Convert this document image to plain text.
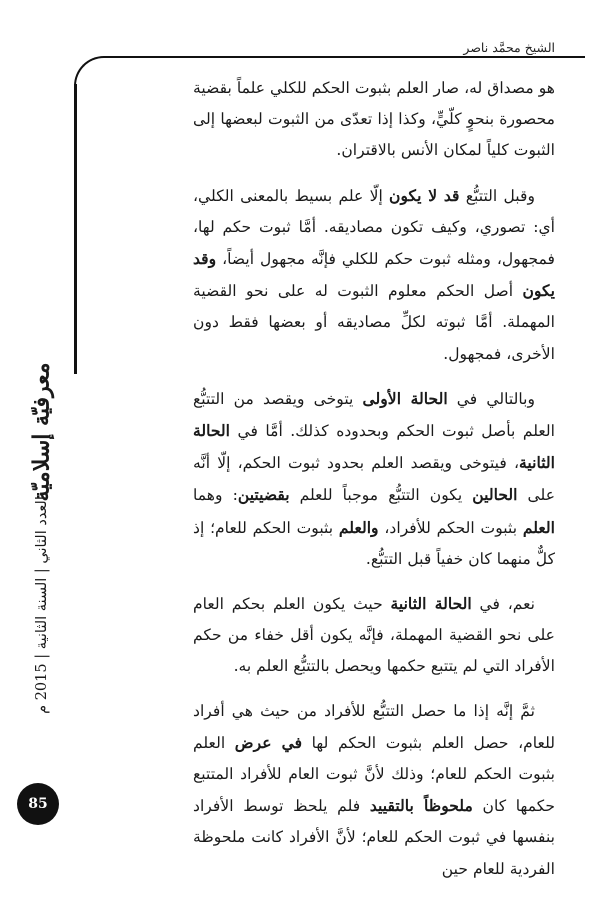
الشيخ محمَّد ناصر
معرفيّة إسلاميّة
العدد الثاني | السنة الثانية | 2015 م
85

هو مصداق له، صار العلم بثبوت الحكم للكلي علماً بقضية محصورة بنحوٍ كلّيٍّ، وكذا إذا تعدّى من الثبوت لبعضها إلى الثبوت كلياً لمكان الأنس بالاقتران.

وقبل التتبُّع قد لا يكون إلّا علم بسيط بالمعنى الكلي، أي: تصوري، وكيف تكون مصاديقه. أمَّا ثبوت حكم لها، فمجهول، ومثله ثبوت حكم للكلي فإنَّه مجهول أيضاً، وقد يكون أصل الحكم معلوم الثبوت له على نحو القضية المهملة. أمَّا ثبوته لكلِّ مصاديقه أو بعضها فقط دون الأخرى، فمجهول.

وبالتالي في الحالة الأولى يتوخى ويقصد من التتبُّع العلم بأصل ثبوت الحكم وبحدوده كذلك. أمَّا في الحالة الثانية، فيتوخى ويقصد العلم بحدود ثبوت الحكم، إلّا أنَّه على الحالين يكون التتبُّع موجباً للعلم بقضيتين: وهما العلم بثبوت الحكم للأفراد، والعلم بثبوت الحكم للعام؛ إذ كلٌّ منهما كان خفياً قبل التتبُّع.

نعم، في الحالة الثانية حيث يكون العلم بحكم العام على نحو القضية المهملة، فإنَّه يكون أقل خفاء من حكم الأفراد التي لم يتتبع حكمها ويحصل بالتتبُّع العلم به.

ثمَّ إنَّه إذا ما حصل التتبُّع للأفراد من حيث هي أفراد للعام، حصل العلم بثبوت الحكم لها في عرض العلم بثبوت الحكم للعام؛ وذلك لأنَّ ثبوت العام للأفراد المتتبع حكمها كان ملحوظاً بالتقييد فلم يلحظ توسط الأفراد بنفسها في ثبوت الحكم للعام؛ لأنَّ الأفراد كانت ملحوظة الفردية للعام حين
